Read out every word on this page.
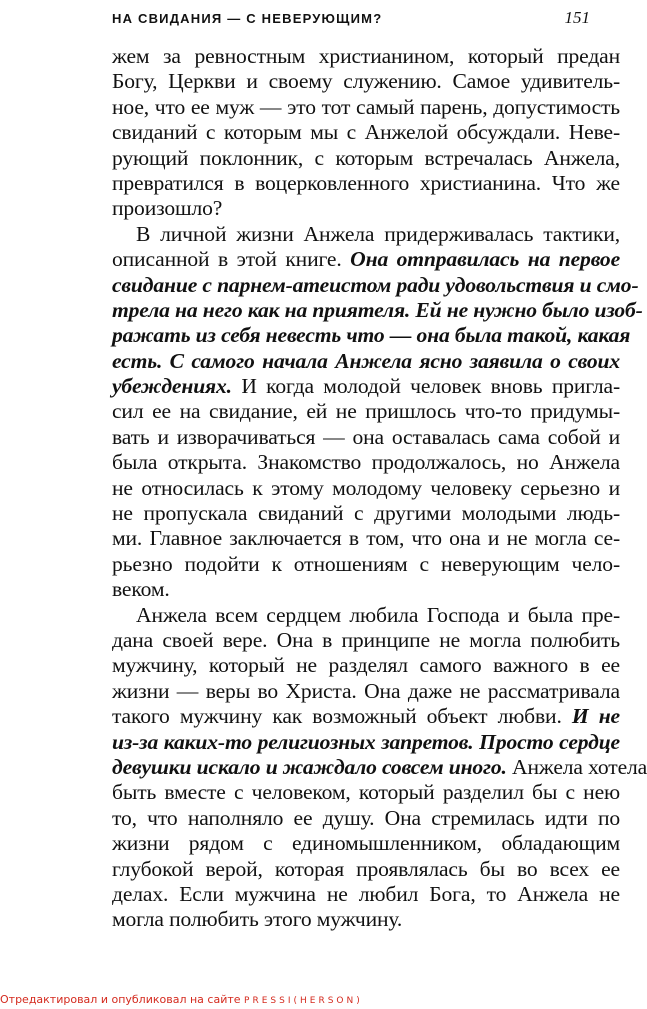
НА СВИДАНИЯ — С НЕВЕРУЮЩИМ?	151
жем за ревностным христианином, который предан
Богу, Церкви и своему служению. Самое удивитель-
ное, что ее муж — это тот самый парень, допустимость
свиданий с которым мы с Анжелой обсуждали. Неве-
рующий поклонник, с которым встречалась Анжела,
превратился в воцерковленного христианина. Что же
произошло?
В личной жизни Анжела придерживалась тактики,
описанной в этой книге. Она отправилась на первое
свидание с парнем-атеистом ради удовольствия и смо-
трела на него как на приятеля. Ей не нужно было изоб-
ражать из себя невесть что — она была такой, какая
есть. С самого начала Анжела ясно заявила о своих
убеждениях. И когда молодой человек вновь пригла-
сил ее на свидание, ей не пришлось что-то придумы-
вать и изворачиваться — она оставалась сама собой и
была открыта. Знакомство продолжалось, но Анжела
не относилась к этому молодому человеку серьезно и
не пропускала свиданий с другими молодыми людь-
ми. Главное заключается в том, что она и не могла се-
рьезно подойти к отношениям с неверующим чело-
веком.
Анжела всем сердцем любила Господа и была пре-
дана своей вере. Она в принципе не могла полюбить
мужчину, который не разделял самого важного в ее
жизни — веры во Христа. Она даже не рассматривала
такого мужчину как возможный объект любви. И не
из-за каких-то религиозных запретов. Просто сердце
девушки искало и жаждало совсем иного. Анжела хотела
быть вместе с человеком, который разделил бы с нею
то, что наполняло ее душу. Она стремилась идти по
жизни рядом с единомышленником, обладающим
глубокой верой, которая проявлялась бы во всех ее
делах. Если мужчина не любил Бога, то Анжела не
могла полюбить этого мужчину.
Отредактировал и опубликовал на сайте PRESSI(HERSON)
